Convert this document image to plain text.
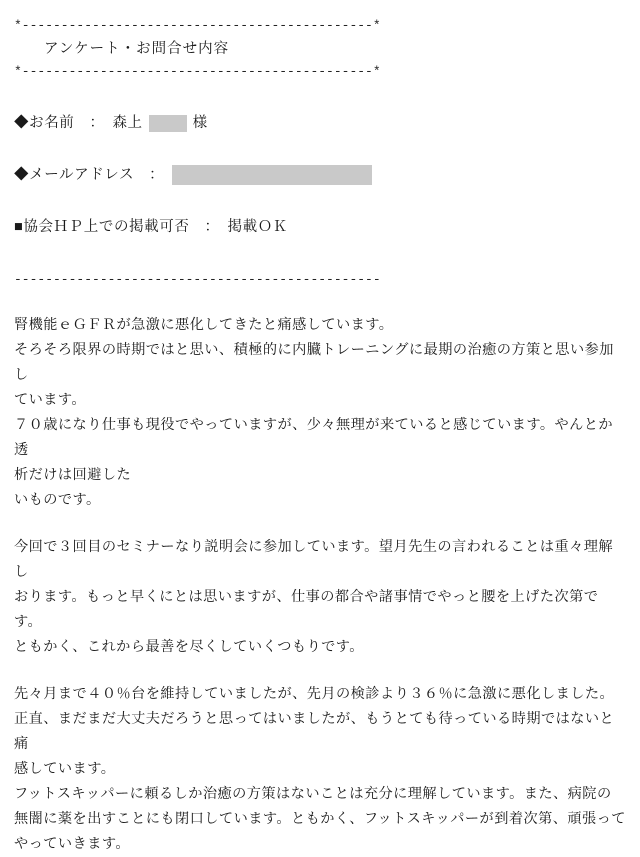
*---------------------------------------------*
アンケート・お問合せ内容
*---------------------------------------------*
◆お名前　：　森上	様
◆メールアドレス　：
■協会ＨＰ上での掲載可否　：　掲載ＯＫ
-----------------------------------------------
腎機能ｅＧＦＲが急激に悪化してきたと痛感しています。
そろそろ限界の時期ではと思い、積極的に内臓トレーニングに最期の治癒の方策と思い参加し
ています。
７０歳になり仕事も現役でやっていますが、少々無理が来ていると感じています。やんとか透
析だけは回避した
いものです。
今回で３回目のセミナーなり説明会に参加しています。望月先生の言われることは重々理解し
おります。もっと早くにとは思いますが、仕事の都合や諸事情でやっと腰を上げた次第です。
ともかく、これから最善を尽くしていくつもりです。
先々月まで４０％台を維持していましたが、先月の検診より３６％に急激に悪化しました。
正直、まだまだ大丈夫だろうと思ってはいましたが、もうとても待っている時期ではないと痛
感しています。
フットスキッパーに頼るしか治癒の方策はないことは充分に理解しています。また、病院の
無闇に薬を出すことにも閉口しています。ともかく、フットスキッパーが到着次第、頑張って
やっていきます。
